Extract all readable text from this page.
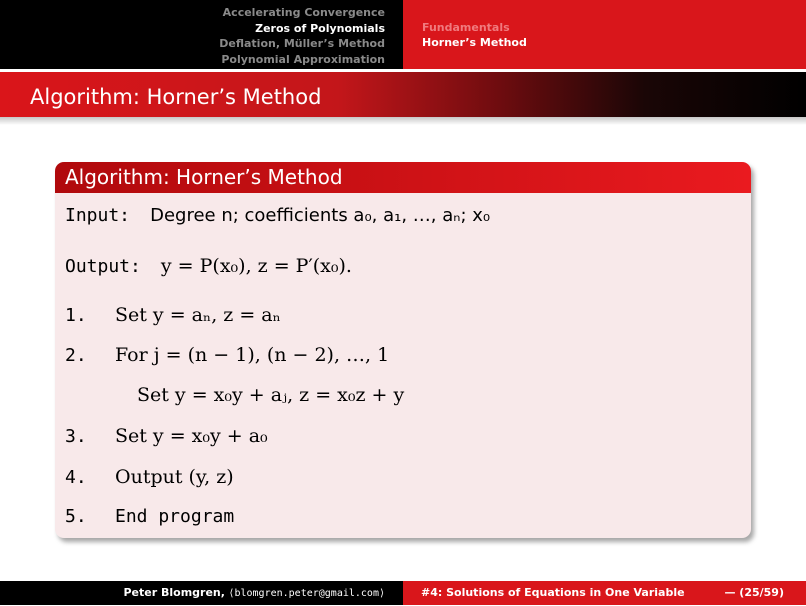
Accelerating Convergence
Zeros of Polynomials
Deflation, Müller’s Method
Polynomial Approximation
Fundamentals
Horner’s Method
Algorithm: Horner’s Method
Algorithm: Horner’s Method
Input: Degree n; coefficients a₀, a₁, …, aₙ; x₀
Output: y = P(x₀), z = P′(x₀).
1. Set y = aₙ, z = aₙ
2. For j = (n − 1), (n − 2), …, 1
Set y = x₀y + aⱼ, z = x₀z + y
3. Set y = x₀y + a₀
4. Output (y, z)
5. End program
Peter Blomgren, ⟨blomgren.peter@gmail.com⟩	#4: Solutions of Equations in One Variable	— (25/59)
